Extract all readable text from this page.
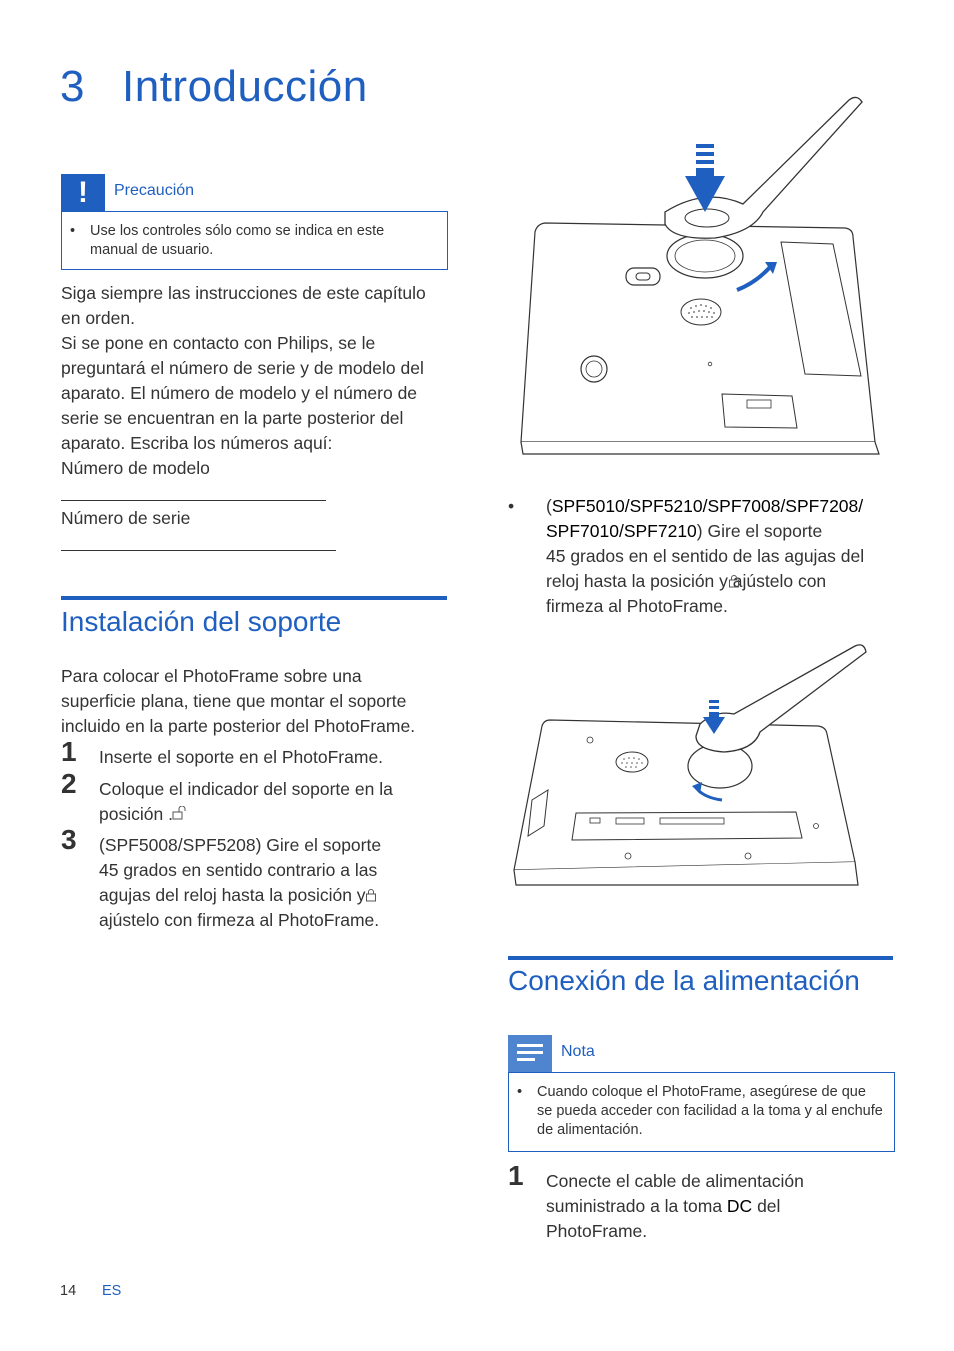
3 Introducción
!	Precaución
•	Use los controles sólo como se indica en este manual de usuario.
Siga siempre las instrucciones de este capítulo
en orden.
Si se pone en contacto con Philips, se le
preguntará el número de serie y de modelo del
aparato. El número de modelo y el número de
serie se encuentran en la parte posterior del
aparato. Escriba los números aquí:
Número de modelo
Número de serie
Instalación del soporte
Para colocar el PhotoFrame sobre una
superficie plana, tiene que montar el soporte
incluido en la parte posterior del PhotoFrame.
1 Inserte el soporte en el PhotoFrame.
2 Coloque el indicador del soporte en la
posición .
3 (SPF5008/SPF5208) Gire el soporte
45 grados en sentido contrario a las
agujas del reloj hasta la posición y
ajústelo con firmeza al PhotoFrame.
• (SPF5010/SPF5210/SPF7008/SPF7208/
SPF7010/SPF7210) Gire el soporte
45 grados en el sentido de las agujas del
reloj hasta la posición y ajústelo con
firmeza al PhotoFrame.
Conexión de la alimentación
Nota
•	Cuando coloque el PhotoFrame, asegúrese de que se pueda acceder con facilidad a la toma y al enchufe de alimentación.
1 Conecte el cable de alimentación
suministrado a la toma DC del
PhotoFrame.
14 ES
